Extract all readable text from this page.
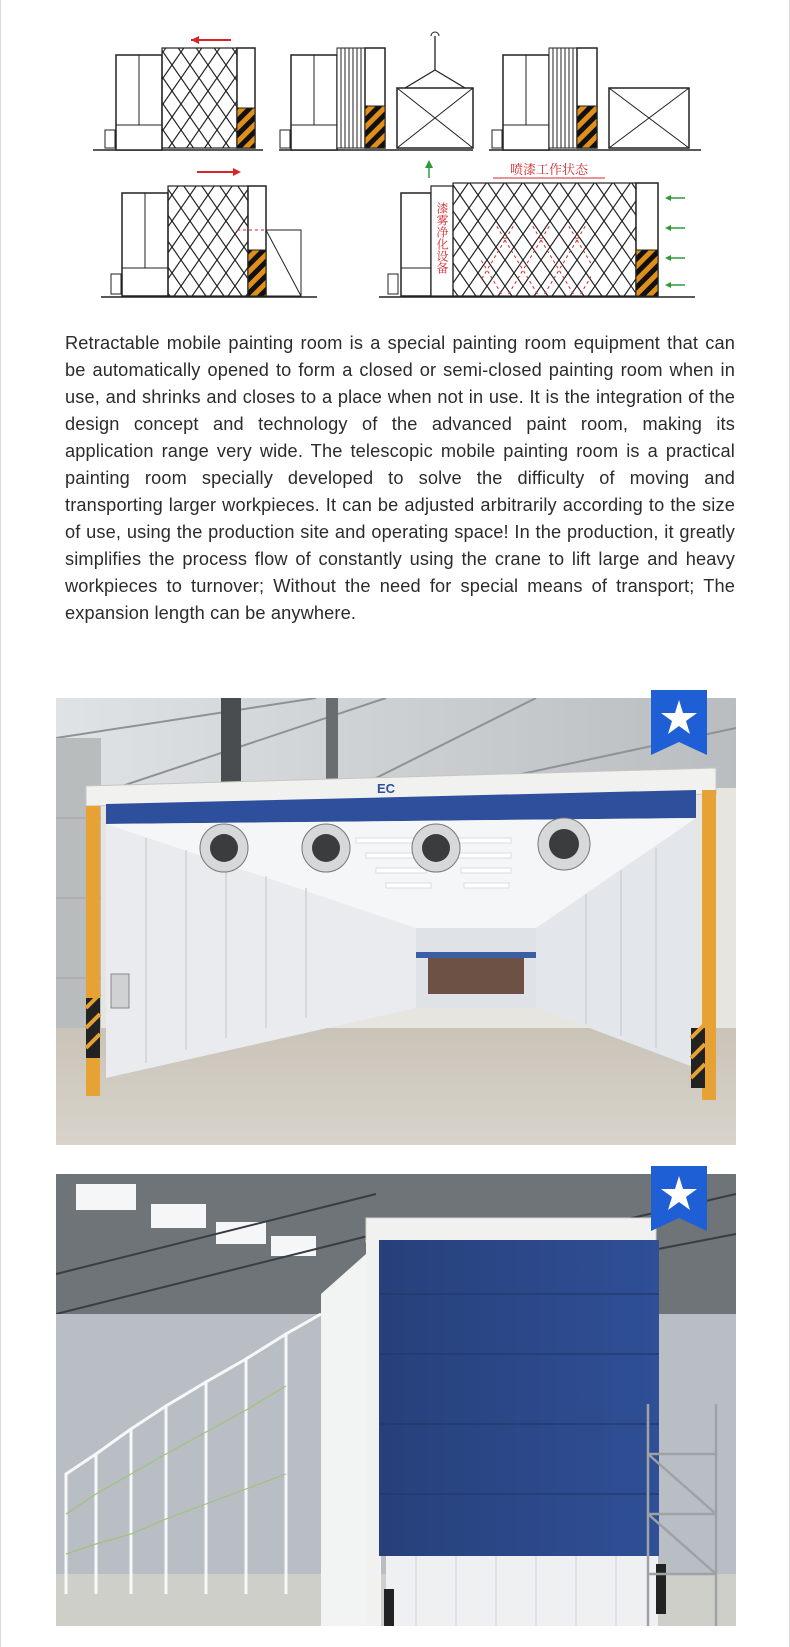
漆雾净化设备
喷漆工作状态

Retractable mobile painting room is a special painting room equipment that can be automatically opened to form a closed or semi-closed painting room when in use, and shrinks and closes to a place when not in use. It is the integration of the design concept and technology of the advanced paint room, making its application range very wide. The telescopic mobile painting room is a practical painting room specially developed to solve the difficulty of moving and transporting larger workpieces. It can be adjusted arbitrarily according to the size of use, using the production site and operating space! In the production, it greatly simplifies the process flow of constantly using the crane to lift large and heavy workpieces to turnover; Without the need for special means of transport; The expansion length can be anywhere.

EC
